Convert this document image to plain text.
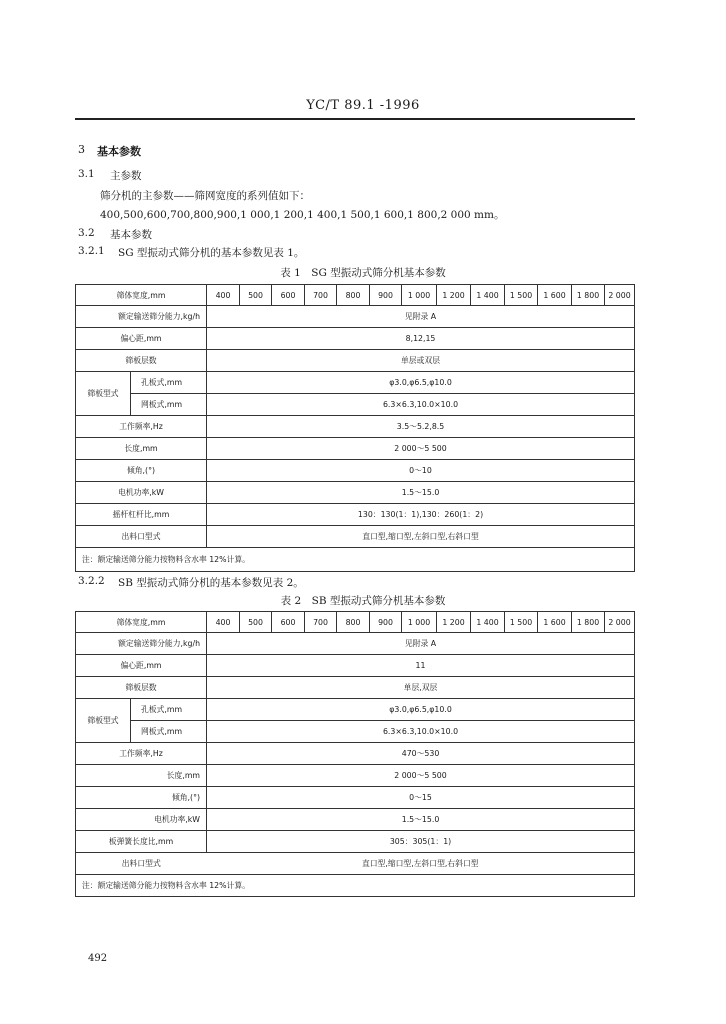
YC/T 89.1 -1996
3 基本参数
3.1 主参数
筛分机的主参数——筛网宽度的系列值如下：
400,500,600,700,800,900,1 000,1 200,1 400,1 500,1 600,1 800,2 000 mm。
3.2 基本参数
3.2.1 SG 型振动式筛分机的基本参数见表 1。
表 1　SG 型振动式筛分机基本参数
筛体宽度,mm		400	500	600	700	800	900	1 000	1 200	1 400	1 500	1 600	1 800	2 000
额定输送筛分能力,kg/h		见附录 A												
偏心距,mm		8,12,15												
筛板层数		单层或双层												
筛板型式	孔板式,mm	φ3.0,φ6.5,φ10.0												
	网板式,mm	6.3×6.3,10.0×10.0												
工作频率,Hz		3.5～5.2,8.5												
长度,mm		2 000～5 500												
倾角,(°)		0～10												
电机功率,kW		1.5～15.0												
摇杆杠杆比,mm		130：130(1：1),130：260(1：2)												
出料口型式		直口型,缩口型,左斜口型,右斜口型												
注：额定输送筛分能力按物料含水率 12%计算。														
3.2.2 SB 型振动式筛分机的基本参数见表 2。
表 2　SB 型振动式筛分机基本参数
筛体宽度,mm		400	500	600	700	800	900	1 000	1 200	1 400	1 500	1 600	1 800	2 000
额定输送筛分能力,kg/h		见附录 A												
偏心距,mm		11												
筛板层数		单层,双层												
筛板型式	孔板式,mm	φ3.0,φ6.5,φ10.0												
	网板式,mm	6.3×6.3,10.0×10.0												
工作频率,Hz		470～530												
长度,mm		2 000～5 500												
倾角,(°)		0～15												
电机功率,kW		1.5～15.0												
板弹簧长度比,mm		305：305(1：1)												
出料口型式		直口型,缩口型,左斜口型,右斜口型												
注：额定输送筛分能力按物料含水率 12%计算。														
492
